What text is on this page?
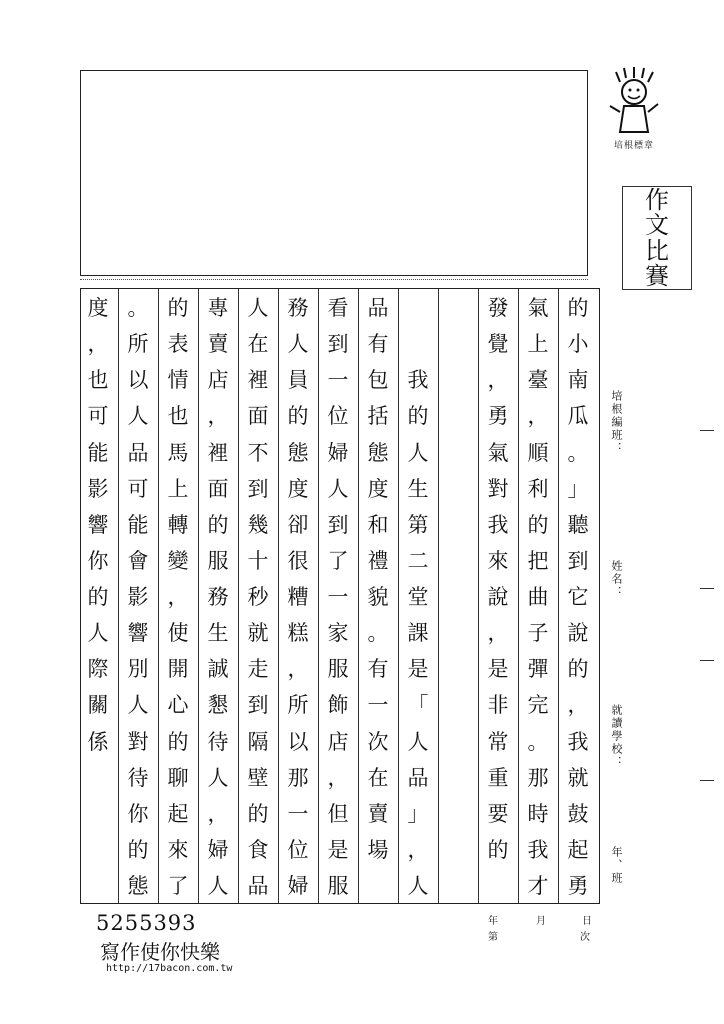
培根標章
作
文
比
賽
的
小
南
瓜
。
」
聽
到
它
說
的
，
我
就
鼓
起
勇
氣
上
臺
，
順
利
的
把
曲
子
彈
完
。
那
時
我
才
發
覺
，
勇
氣
對
我
來
說
，
是
非
常
重
要
的
我
的
人
生
第
二
堂
課
是
「
人
品
」
，
人
品
有
包
括
態
度
和
禮
貌
。
有
一
次
在
賣
場
看
到
一
位
婦
人
到
了
一
家
服
飾
店
，
但
是
服
務
人
員
的
態
度
卻
很
糟
糕
，
所
以
那
一
位
婦
人
在
裡
面
不
到
幾
十
秒
就
走
到
隔
壁
的
食
品
專
賣
店
，
裡
面
的
服
務
生
誠
懇
待
人
，
婦
人
的
表
情
也
馬
上
轉
變
，
使
開
心
的
聊
起
來
了
。
所
以
人
品
可
能
會
影
響
別
人
對
待
你
的
態
度
，
也
可
能
影
響
你
的
人
際
關
係
培根編班：
姓名：
就讀學校：
年、班
年	月	日
第	次
5255393
寫作使你快樂
http://17bacon.com.tw
